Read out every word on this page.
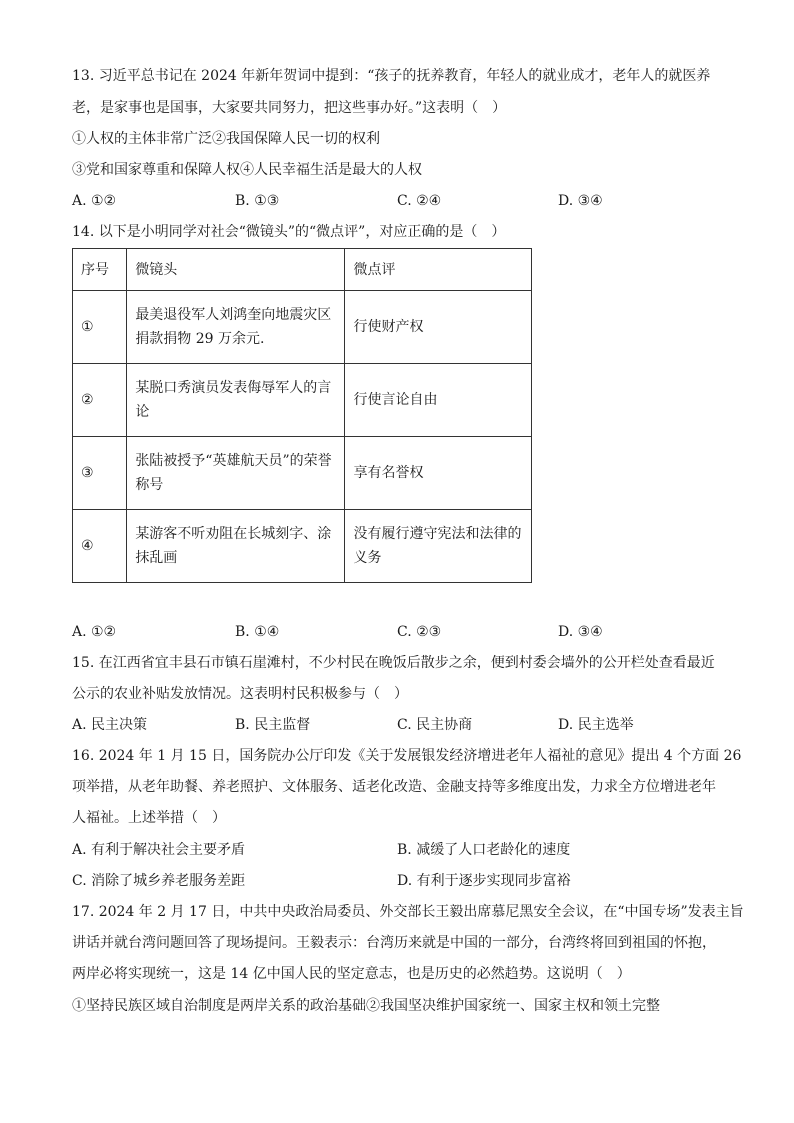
13. 习近平总书记在 2024 年新年贺词中提到：“孩子的抚养教育，年轻人的就业成才，老年人的就医养
老，是家事也是国事，大家要共同努力，把这些事办好。”这表明（　）
①人权的主体非常广泛②我国保障人民一切的权利
③党和国家尊重和保障人权④人民幸福生活是最大的人权
A. ①②	B. ①③	C. ②④	D. ③④
14. 以下是小明同学对社会“微镜头”的“微点评”，对应正确的是（　）
序号	微镜头	微点评
①	最美退役军人刘鸿奎向地震灾区捐款捐物 29 万余元.	行使财产权

②	某脱口秀演员发表侮辱军人的言论	行使言论自由

③	张陆被授予“英雄航天员”的荣誉称号	享有名誉权

④	某游客不听劝阻在长城刻字、涂抹乱画	没有履行遵守宪法和法律的义务
A. ①②	B. ①④	C. ②③	D. ③④
15. 在江西省宜丰县石市镇石崖滩村，不少村民在晚饭后散步之余，便到村委会墙外的公开栏处查看最近
公示的农业补贴发放情况。这表明村民积极参与（　）
A. 民主决策	B. 民主监督	C. 民主协商	D. 民主选举
16. 2024 年 1 月 15 日，国务院办公厅印发《关于发展银发经济增进老年人福祉的意见》提出 4 个方面 26
项举措，从老年助餐、养老照护、文体服务、适老化改造、金融支持等多维度出发，力求全方位增进老年
人福祉。上述举措（　）
A. 有利于解决社会主要矛盾	B. 减缓了人口老龄化的速度
C. 消除了城乡养老服务差距	D. 有利于逐步实现同步富裕
17. 2024 年 2 月 17 日，中共中央政治局委员、外交部长王毅出席慕尼黑安全会议，在“中国专场”发表主旨
讲话并就台湾问题回答了现场提问。王毅表示：台湾历来就是中国的一部分，台湾终将回到祖国的怀抱，
两岸必将实现统一，这是 14 亿中国人民的坚定意志，也是历史的必然趋势。这说明（　）
①坚持民族区域自治制度是两岸关系的政治基础②我国坚决维护国家统一、国家主权和领土完整
